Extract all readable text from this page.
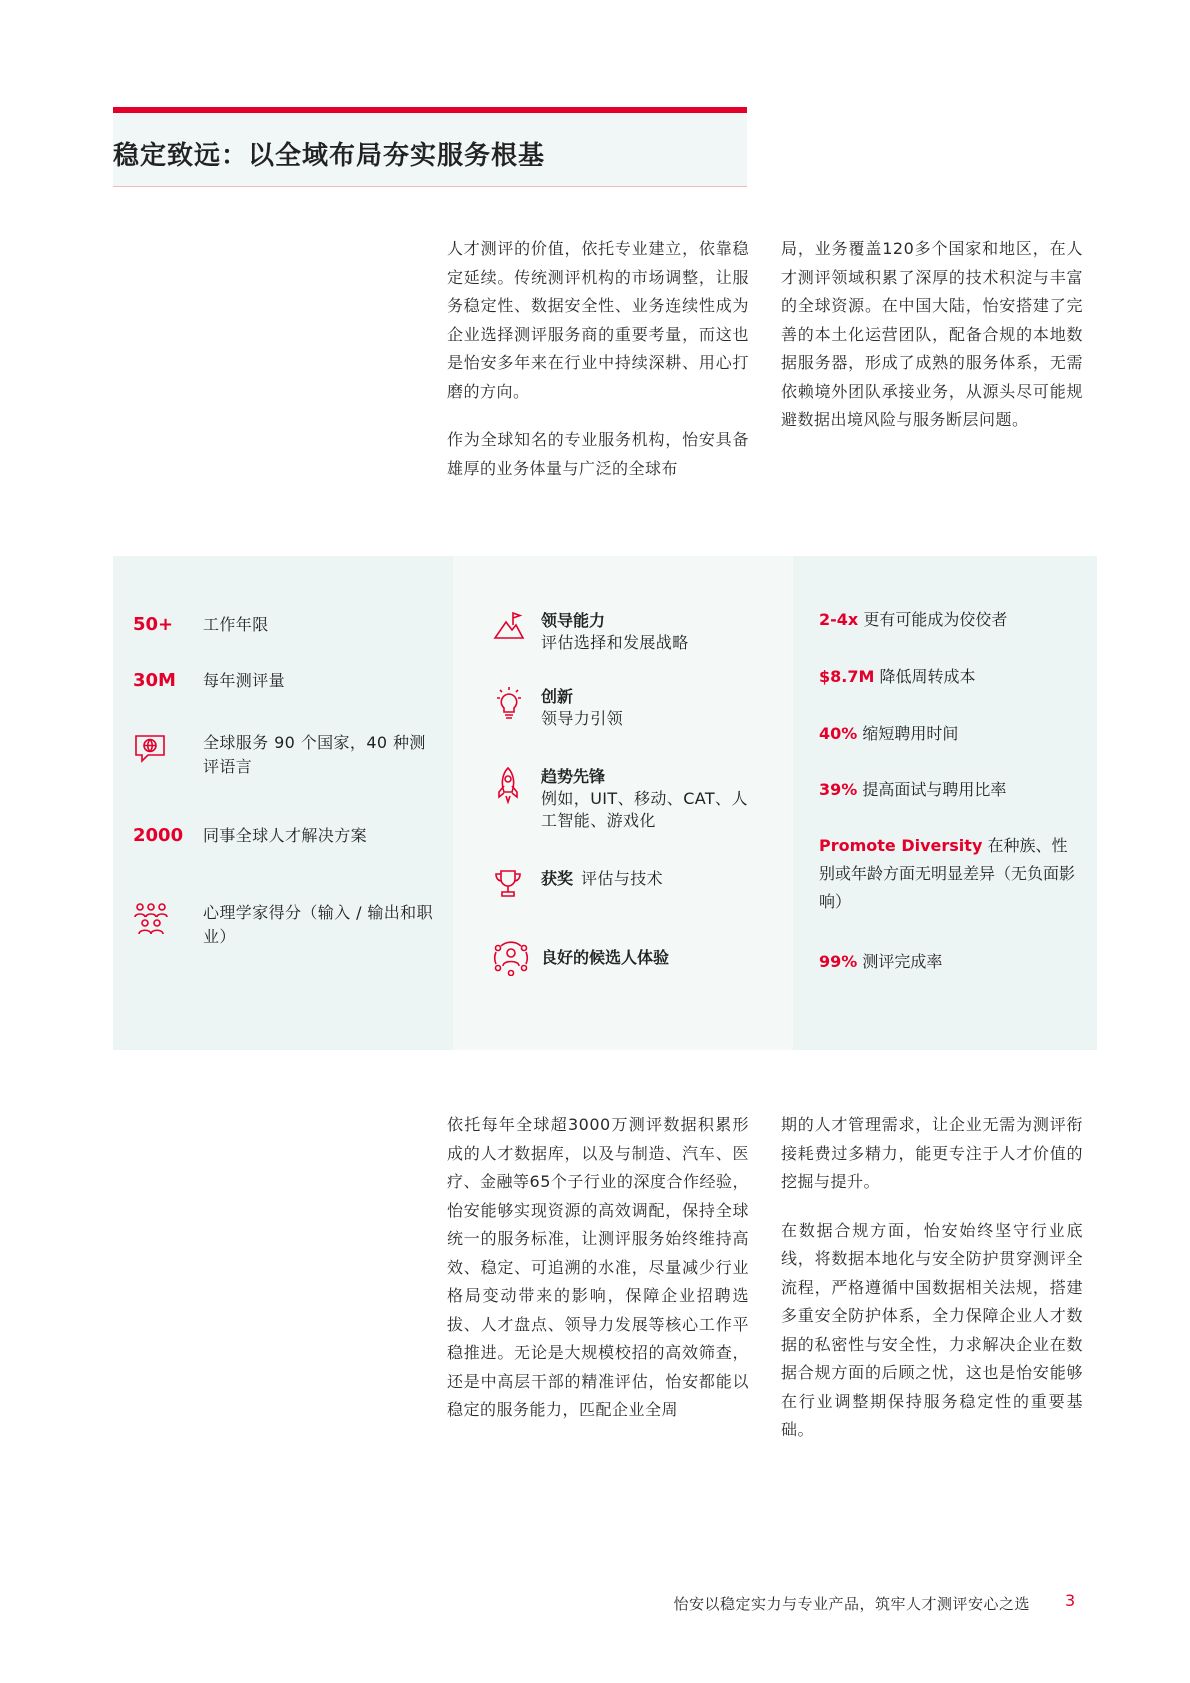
稳定致远：以全域布局夯实服务根基

人才测评的价值，依托专业建立，依靠稳定延续。传统测评机构的市场调整，让服务稳定性、数据安全性、业务连续性成为企业选择测评服务商的重要考量，而这也是怡安多年来在行业中持续深耕、用心打磨的方向。

作为全球知名的专业服务机构，怡安具备雄厚的业务体量与广泛的全球布

局，业务覆盖120多个国家和地区，在人才测评领域积累了深厚的技术积淀与丰富的全球资源。在中国大陆，怡安搭建了完善的本土化运营团队，配备合规的本地数据服务器，形成了成熟的服务体系，无需依赖境外团队承接业务，从源头尽可能规避数据出境风险与服务断层问题。

50+	工作年限
30M	每年测评量
全球服务 90 个国家，40 种测评语言
2000	同事全球人才解决方案
心理学家得分（输入 / 输出和职业）
领导能力
评估选择和发展战略
创新
领导力引领
趋势先锋
例如，UIT、移动、CAT、人工智能、游戏化
获奖 评估与技术
良好的候选人体验
2-4x 更有可能成为佼佼者
$8.7M 降低周转成本
40% 缩短聘用时间
39% 提高面试与聘用比率
Promote Diversity 在种族、性别或年龄方面无明显差异（无负面影响）
99% 测评完成率

依托每年全球超3000万测评数据积累形成的人才数据库，以及与制造、汽车、医疗、金融等65个子行业的深度合作经验，怡安能够实现资源的高效调配，保持全球统一的服务标准，让测评服务始终维持高效、稳定、可追溯的水准，尽量减少行业格局变动带来的影响，保障企业招聘选拔、人才盘点、领导力发展等核心工作平稳推进。无论是大规模校招的高效筛查，还是中高层干部的精准评估，怡安都能以稳定的服务能力，匹配企业全周

期的人才管理需求，让企业无需为测评衔接耗费过多精力，能更专注于人才价值的挖掘与提升。

在数据合规方面，怡安始终坚守行业底线，将数据本地化与安全防护贯穿测评全流程，严格遵循中国数据相关法规，搭建多重安全防护体系，全力保障企业人才数据的私密性与安全性，力求解决企业在数据合规方面的后顾之忧，这也是怡安能够在行业调整期保持服务稳定性的重要基础。

怡安以稳定实力与专业产品，筑牢人才测评安心之选 3
